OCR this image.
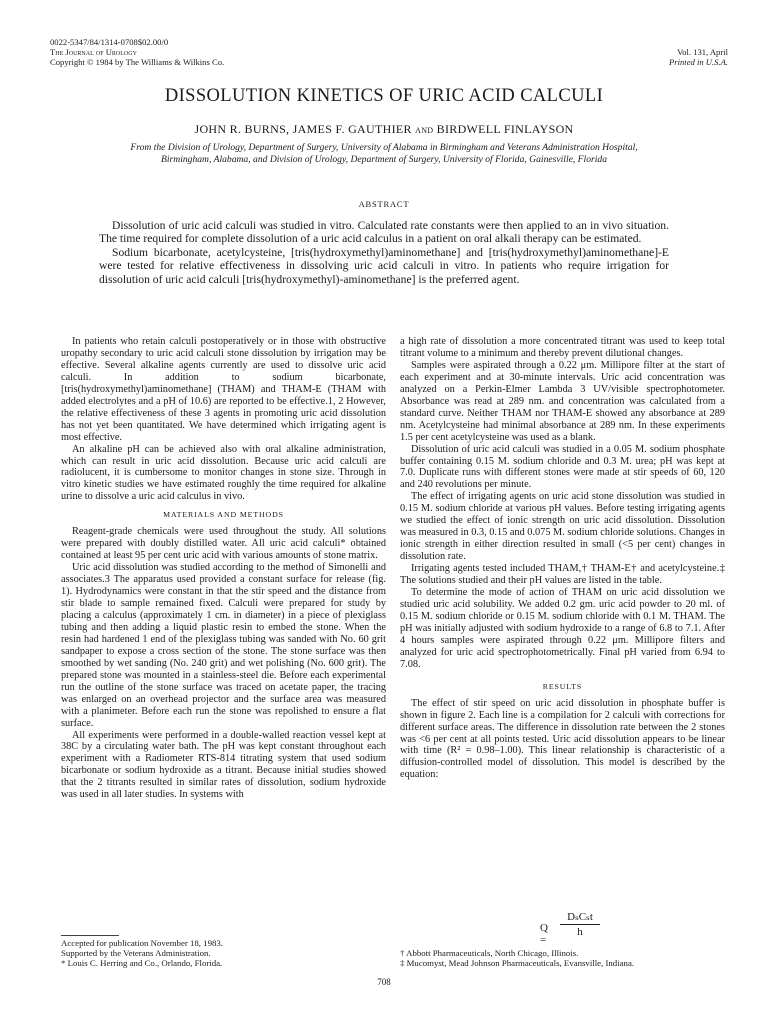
0022-5347/84/1314-0708$02.00/0
The Journal of Urology
Copyright © 1984 by The Williams & Wilkins Co.
Vol. 131, April
Printed in U.S.A.
DISSOLUTION KINETICS OF URIC ACID CALCULI
JOHN R. BURNS, JAMES F. GAUTHIER and BIRDWELL FINLAYSON
From the Division of Urology, Department of Surgery, University of Alabama in Birmingham and Veterans Administration Hospital,
Birmingham, Alabama, and Division of Urology, Department of Surgery, University of Florida, Gainesville, Florida
ABSTRACT

Dissolution of uric acid calculi was studied in vitro. Calculated rate constants were then applied to an in vivo situation. The time required for complete dissolution of a uric acid calculus in a patient on oral alkali therapy can be estimated.

Sodium bicarbonate, acetylcysteine, [tris(hydroxymethyl)aminomethane] and [tris(hydroxymethyl)aminomethane]-E were tested for relative effectiveness in dissolving uric acid calculi in vitro. In patients who require irrigation for dissolution of uric acid calculi [tris(hydroxymethyl)-aminomethane] is the preferred agent.

In patients who retain calculi postoperatively or in those with obstructive uropathy secondary to uric acid calculi stone dissolution by irrigation may be effective. Several alkaline agents currently are used to dissolve uric acid calculi. In addition to sodium bicarbonate, [tris(hydroxymethyl)aminomethane] (THAM) and THAM-E (THAM with added electrolytes and a pH of 10.6) are reported to be effective.1, 2 However, the relative effectiveness of these 3 agents in promoting uric acid dissolution has not yet been quantitated. We have determined which irrigating agent is most effective.

An alkaline pH can be achieved also with oral alkaline administration, which can result in uric acid dissolution. Because uric acid calculi are radiolucent, it is cumbersome to monitor changes in stone size. Through in vitro kinetic studies we have estimated roughly the time required for alkaline urine to dissolve a uric acid calculus in vivo.

MATERIALS AND METHODS

Reagent-grade chemicals were used throughout the study. All solutions were prepared with doubly distilled water. All uric acid calculi* obtained contained at least 95 per cent uric acid with various amounts of stone matrix.

Uric acid dissolution was studied according to the method of Simonelli and associates.3 The apparatus used provided a constant surface for release (fig. 1). Hydrodynamics were constant in that the stir speed and the distance from stir blade to sample remained fixed. Calculi were prepared for study by placing a calculus (approximately 1 cm. in diameter) in a piece of plexiglass tubing and then adding a liquid plastic resin to embed the stone. When the resin had hardened 1 end of the plexiglass tubing was sanded with No. 60 grit sandpaper to expose a cross section of the stone. The stone surface was then smoothed by wet sanding (No. 240 grit) and wet polishing (No. 600 grit). The prepared stone was mounted in a stainless-steel die. Before each experimental run the outline of the stone surface was traced on acetate paper, the tracing was enlarged on an overhead projector and the surface area was measured with a planimeter. Before each run the stone was repolished to ensure a flat surface.

All experiments were performed in a double-walled reaction vessel kept at 38C by a circulating water bath. The pH was kept constant throughout each experiment with a Radiometer RTS-814 titrating system that used sodium bicarbonate or sodium hydroxide as a titrant. Because initial studies showed that the 2 titrants resulted in similar rates of dissolution, sodium hydroxide was used in all later studies. In systems with

Accepted for publication November 18, 1983.

Supported by the Veterans Administration.

* Louis C. Herring and Co., Orlando, Florida.

a high rate of dissolution a more concentrated titrant was used to keep total titrant volume to a minimum and thereby prevent dilutional changes.

Samples were aspirated through a 0.22 μm. Millipore filter at the start of each experiment and at 30-minute intervals. Uric acid concentration was analyzed on a Perkin-Elmer Lambda 3 UV/visible spectrophotometer. Absorbance was read at 289 nm. and concentration was calculated from a standard curve. Neither THAM nor THAM-E showed any absorbance at 289 nm. Acetylcysteine had minimal absorbance at 289 nm. In these experiments 1.5 per cent acetylcysteine was used as a blank.

Dissolution of uric acid calculi was studied in a 0.05 M. sodium phosphate buffer containing 0.15 M. sodium chloride and 0.3 M. urea; pH was kept at 7.0. Duplicate runs with different stones were made at stir speeds of 60, 120 and 240 revolutions per minute.

The effect of irrigating agents on uric acid stone dissolution was studied in 0.15 M. sodium chloride at various pH values. Before testing irrigating agents we studied the effect of ionic strength on uric acid dissolution. Dissolution was measured in 0.3, 0.15 and 0.075 M. sodium chloride solutions. Changes in ionic strength in either direction resulted in small (<5 per cent) changes in dissolution rate.

Irrigating agents tested included THAM,† THAM-E† and acetylcysteine.‡ The solutions studied and their pH values are listed in the table.

To determine the mode of action of THAM on uric acid dissolution we studied uric acid solubility. We added 0.2 gm. uric acid powder to 20 ml. of 0.15 M. sodium chloride or 0.15 M. sodium chloride with 0.1 M. THAM. The pH was initially adjusted with sodium hydroxide to a range of 6.8 to 7.1. After 4 hours samples were aspirated through 0.22 μm. Millipore filters and analyzed for uric acid spectrophotometrically. Final pH varied from 6.94 to 7.08.

RESULTS

The effect of stir speed on uric acid dissolution in phosphate buffer is shown in figure 2. Each line is a compilation for 2 calculi with corrections for different surface areas. The difference in dissolution rate between the 2 stones was <6 per cent at all points tested. Uric acid dissolution appears to be linear with time (R² = 0.98–1.00). This linear relationship is characteristic of a diffusion-controlled model of dissolution. This model is described by the equation:

Q =
DₛCₛt
h

† Abbott Pharmaceuticals, North Chicago, Illinois.

‡ Mucomyst, Mead Johnson Pharmaceuticals, Evansville, Indiana.

708
